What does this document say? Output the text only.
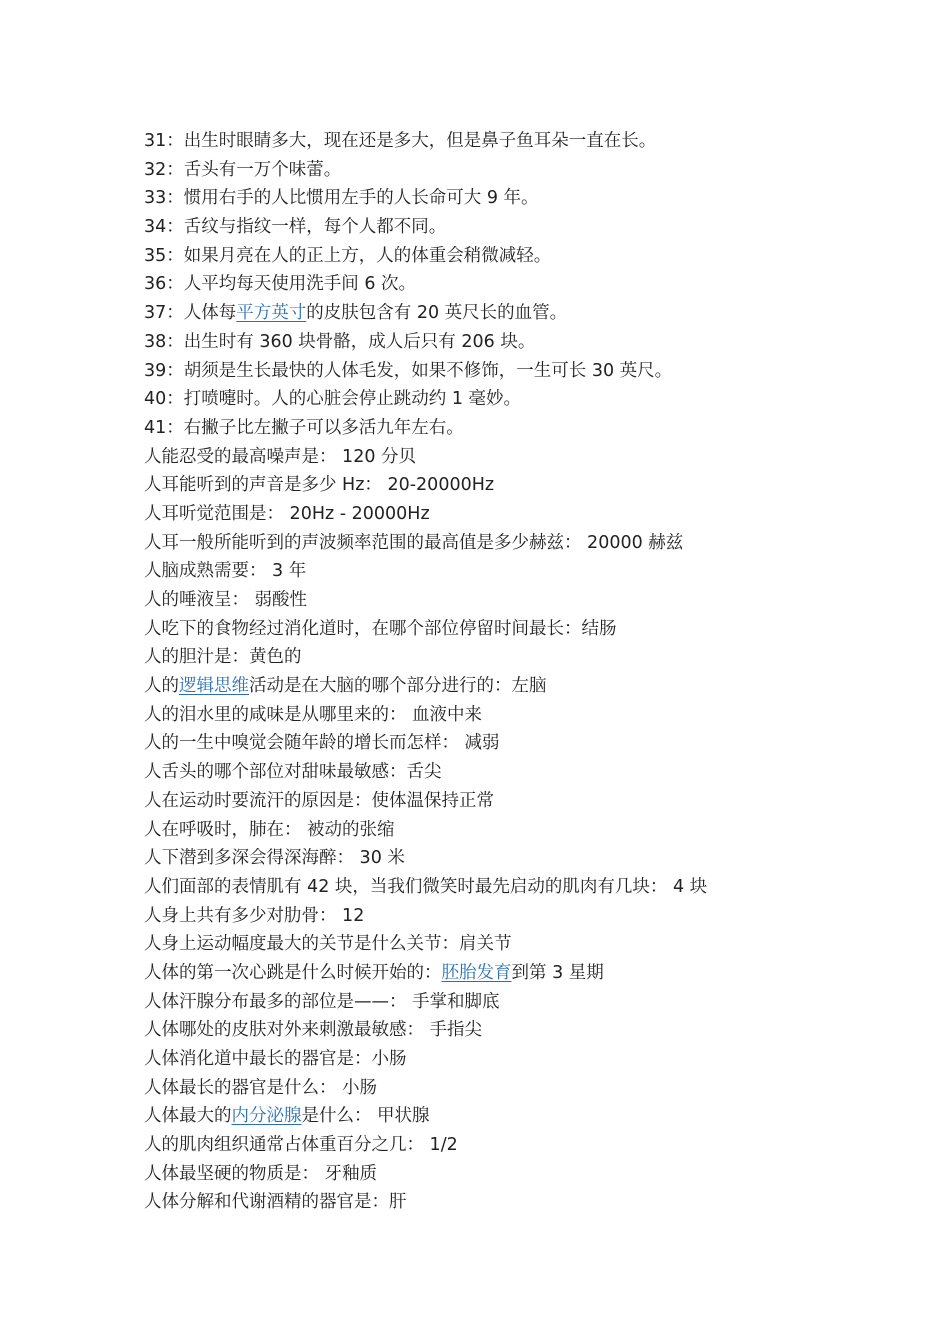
31：出生时眼睛多大，现在还是多大，但是鼻子鱼耳朵一直在长。
32：舌头有一万个味蕾。
33：惯用右手的人比惯用左手的人长命可大 9 年。
34：舌纹与指纹一样，每个人都不同。
35：如果月亮在人的正上方，人的体重会稍微减轻。
36：人平均每天使用洗手间 6 次。
37：人体每平方英寸的皮肤包含有 20 英尺长的血管。
38：出生时有 360 块骨骼，成人后只有 206 块。
39：胡须是生长最快的人体毛发，如果不修饰，一生可长 30 英尺。
40：打喷嚏时。人的心脏会停止跳动约 1 毫妙。
41：右撇子比左撇子可以多活九年左右。
人能忍受的最高噪声是： 120 分贝
人耳能听到的声音是多少 Hz： 20-20000Hz
人耳听觉范围是： 20Hz - 20000Hz
人耳一般所能听到的声波频率范围的最高值是多少赫兹： 20000 赫兹
人脑成熟需要： 3 年
人的唾液呈： 弱酸性
人吃下的食物经过消化道时，在哪个部位停留时间最长：结肠
人的胆汁是：黄色的
人的逻辑思维活动是在大脑的哪个部分进行的：左脑
人的泪水里的咸味是从哪里来的： 血液中来
人的一生中嗅觉会随年龄的增长而怎样： 减弱
人舌头的哪个部位对甜味最敏感：舌尖
人在运动时要流汗的原因是：使体温保持正常
人在呼吸时，肺在： 被动的张缩
人下潜到多深会得深海醉： 30 米
人们面部的表情肌有 42 块，当我们微笑时最先启动的肌肉有几块： 4 块
人身上共有多少对肋骨： 12
人身上运动幅度最大的关节是什么关节：肩关节
人体的第一次心跳是什么时候开始的：胚胎发育到第 3 星期
人体汗腺分布最多的部位是——： 手掌和脚底
人体哪处的皮肤对外来刺激最敏感： 手指尖
人体消化道中最长的器官是：小肠
人体最长的器官是什么： 小肠
人体最大的内分泌腺是什么： 甲状腺
人的肌肉组织通常占体重百分之几： 1/2
人体最坚硬的物质是： 牙釉质
人体分解和代谢酒精的器官是：肝
